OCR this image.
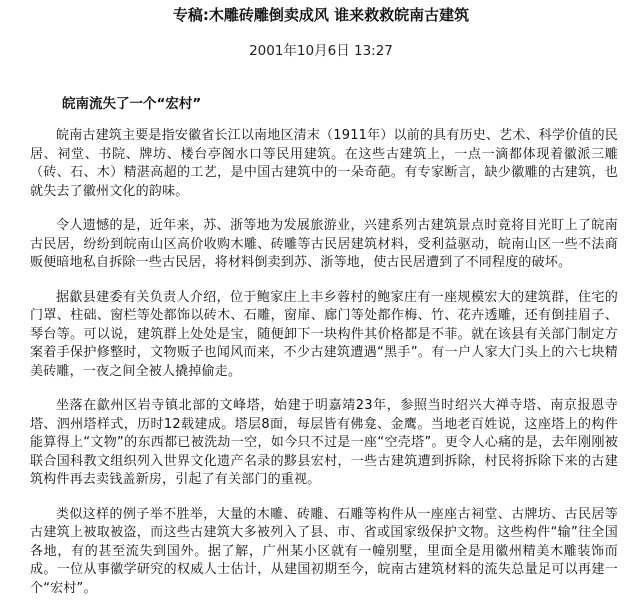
专稿:木雕砖雕倒卖成风 谁来救救皖南古建筑
2001年10月6日 13:27
皖南流失了一个“宏村”

皖南古建筑主要是指安徽省长江以南地区清末（1911年）以前的具有历史、艺术、科学价值的民居、祠堂、书院、牌坊、楼台亭阁水口等民用建筑。在这些古建筑上，一点一滴都体现着徽派三雕（砖、石、木）精湛高超的工艺，是中国古建筑中的一朵奇葩。有专家断言，缺少徽雕的古建筑，也就失去了徽州文化的韵味。

令人遗憾的是，近年来，苏、浙等地为发展旅游业，兴建系列古建筑景点时竟将目光盯上了皖南古民居，纷纷到皖南山区高价收购木雕、砖雕等古民居建筑材料，受利益驱动，皖南山区一些不法商贩便暗地私自拆除一些古民居，将材料倒卖到苏、浙等地，使古民居遭到了不同程度的破坏。

据歙县建委有关负责人介绍，位于鲍家庄上丰乡蓉村的鲍家庄有一座规模宏大的建筑群，住宅的门罩、柱础、窗栏等处都饰以砖木、石雕，窗扉、廊门等处都作梅、竹、花卉透雕，还有倒挂眉子、琴台等。可以说，建筑群上处处是宝，随便卸下一块构件其价格都是不菲。就在该县有关部门制定方案着手保护修整时，文物贩子也闻风而来，不少古建筑遭遇“黑手”。有一户人家大门头上的六七块精美砖雕，一夜之间全被人撬掉偷走。

坐落在歙州区岩寺镇北部的文峰塔，始建于明嘉靖23年，参照当时绍兴大禅寺塔、南京报恩寺塔、泗州塔样式，历时12载建成。塔层8面，每层皆有佛龛、金鹰。当地老百姓说，这座塔上的构件能算得上“文物”的东西都已被洗劫一空，如今只不过是一座“空壳塔”。更令人心痛的是，去年刚刚被联合国科教文组织列入世界文化遗产名录的黟县宏村，一些古建筑遭到拆除，村民将拆除下来的古建筑构件再去卖钱盖新房，引起了有关部门的重视。

类似这样的例子举不胜举，大量的木雕、砖雕、石雕等构件从一座座古祠堂、古牌坊、古民居等古建筑上被取被盗，而这些古建筑大多被列入了县、市、省或国家级保护文物。这些构件“输”往全国各地，有的甚至流失到国外。据了解，广州某小区就有一幢别墅，里面全是用徽州精美木雕装饰而成。一位从事徽学研究的权威人士估计，从建国初期至今，皖南古建筑材料的流失总量足可以再建一个“宏村”。
